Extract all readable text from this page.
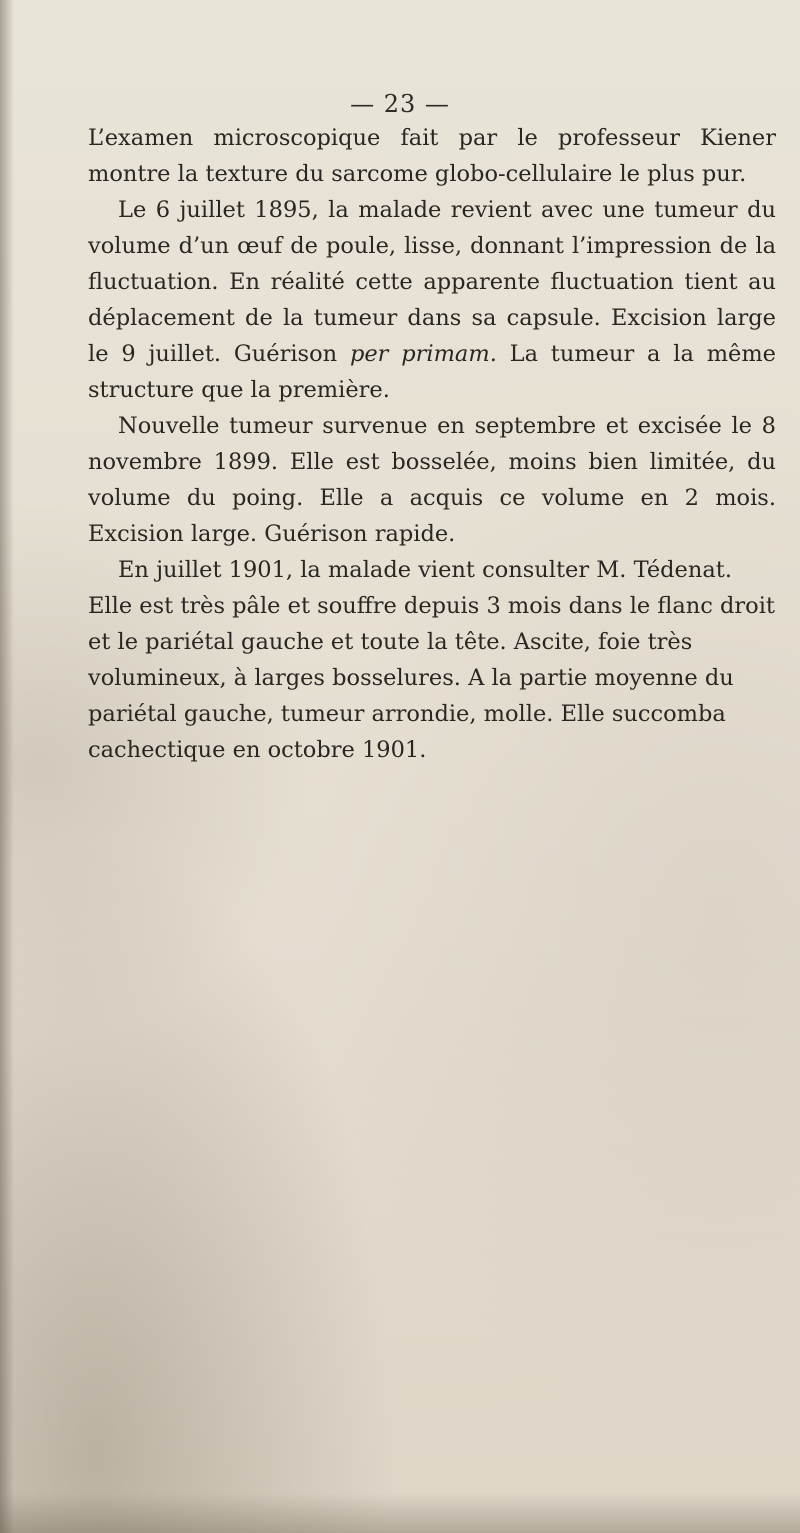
— 23 —

L’examen microscopique fait par le professeur Kiener montre la texture du sarcome globo-cellulaire le plus pur.

Le 6 juillet 1895, la malade revient avec une tumeur du volume d’un œuf de poule, lisse, donnant l’impression de la fluctuation. En réalité cette apparente fluctuation tient au déplacement de la tumeur dans sa capsule. Excision large le 9 juillet. Guérison per primam. La tumeur a la même structure que la première.

Nouvelle tumeur survenue en septembre et excisée le 8 novembre 1899. Elle est bosselée, moins bien limitée, du volume du poing. Elle a acquis ce volume en 2 mois. Excision large. Guérison rapide.

En juillet 1901, la malade vient consulter M. Tédenat. Elle est très pâle et souffre depuis 3 mois dans le flanc droit et le pariétal gauche et toute la tête. Ascite, foie très volumineux, à larges bosselures. A la partie moyenne du pariétal gauche, tumeur arrondie, molle. Elle succomba cachectique en octobre 1901.
